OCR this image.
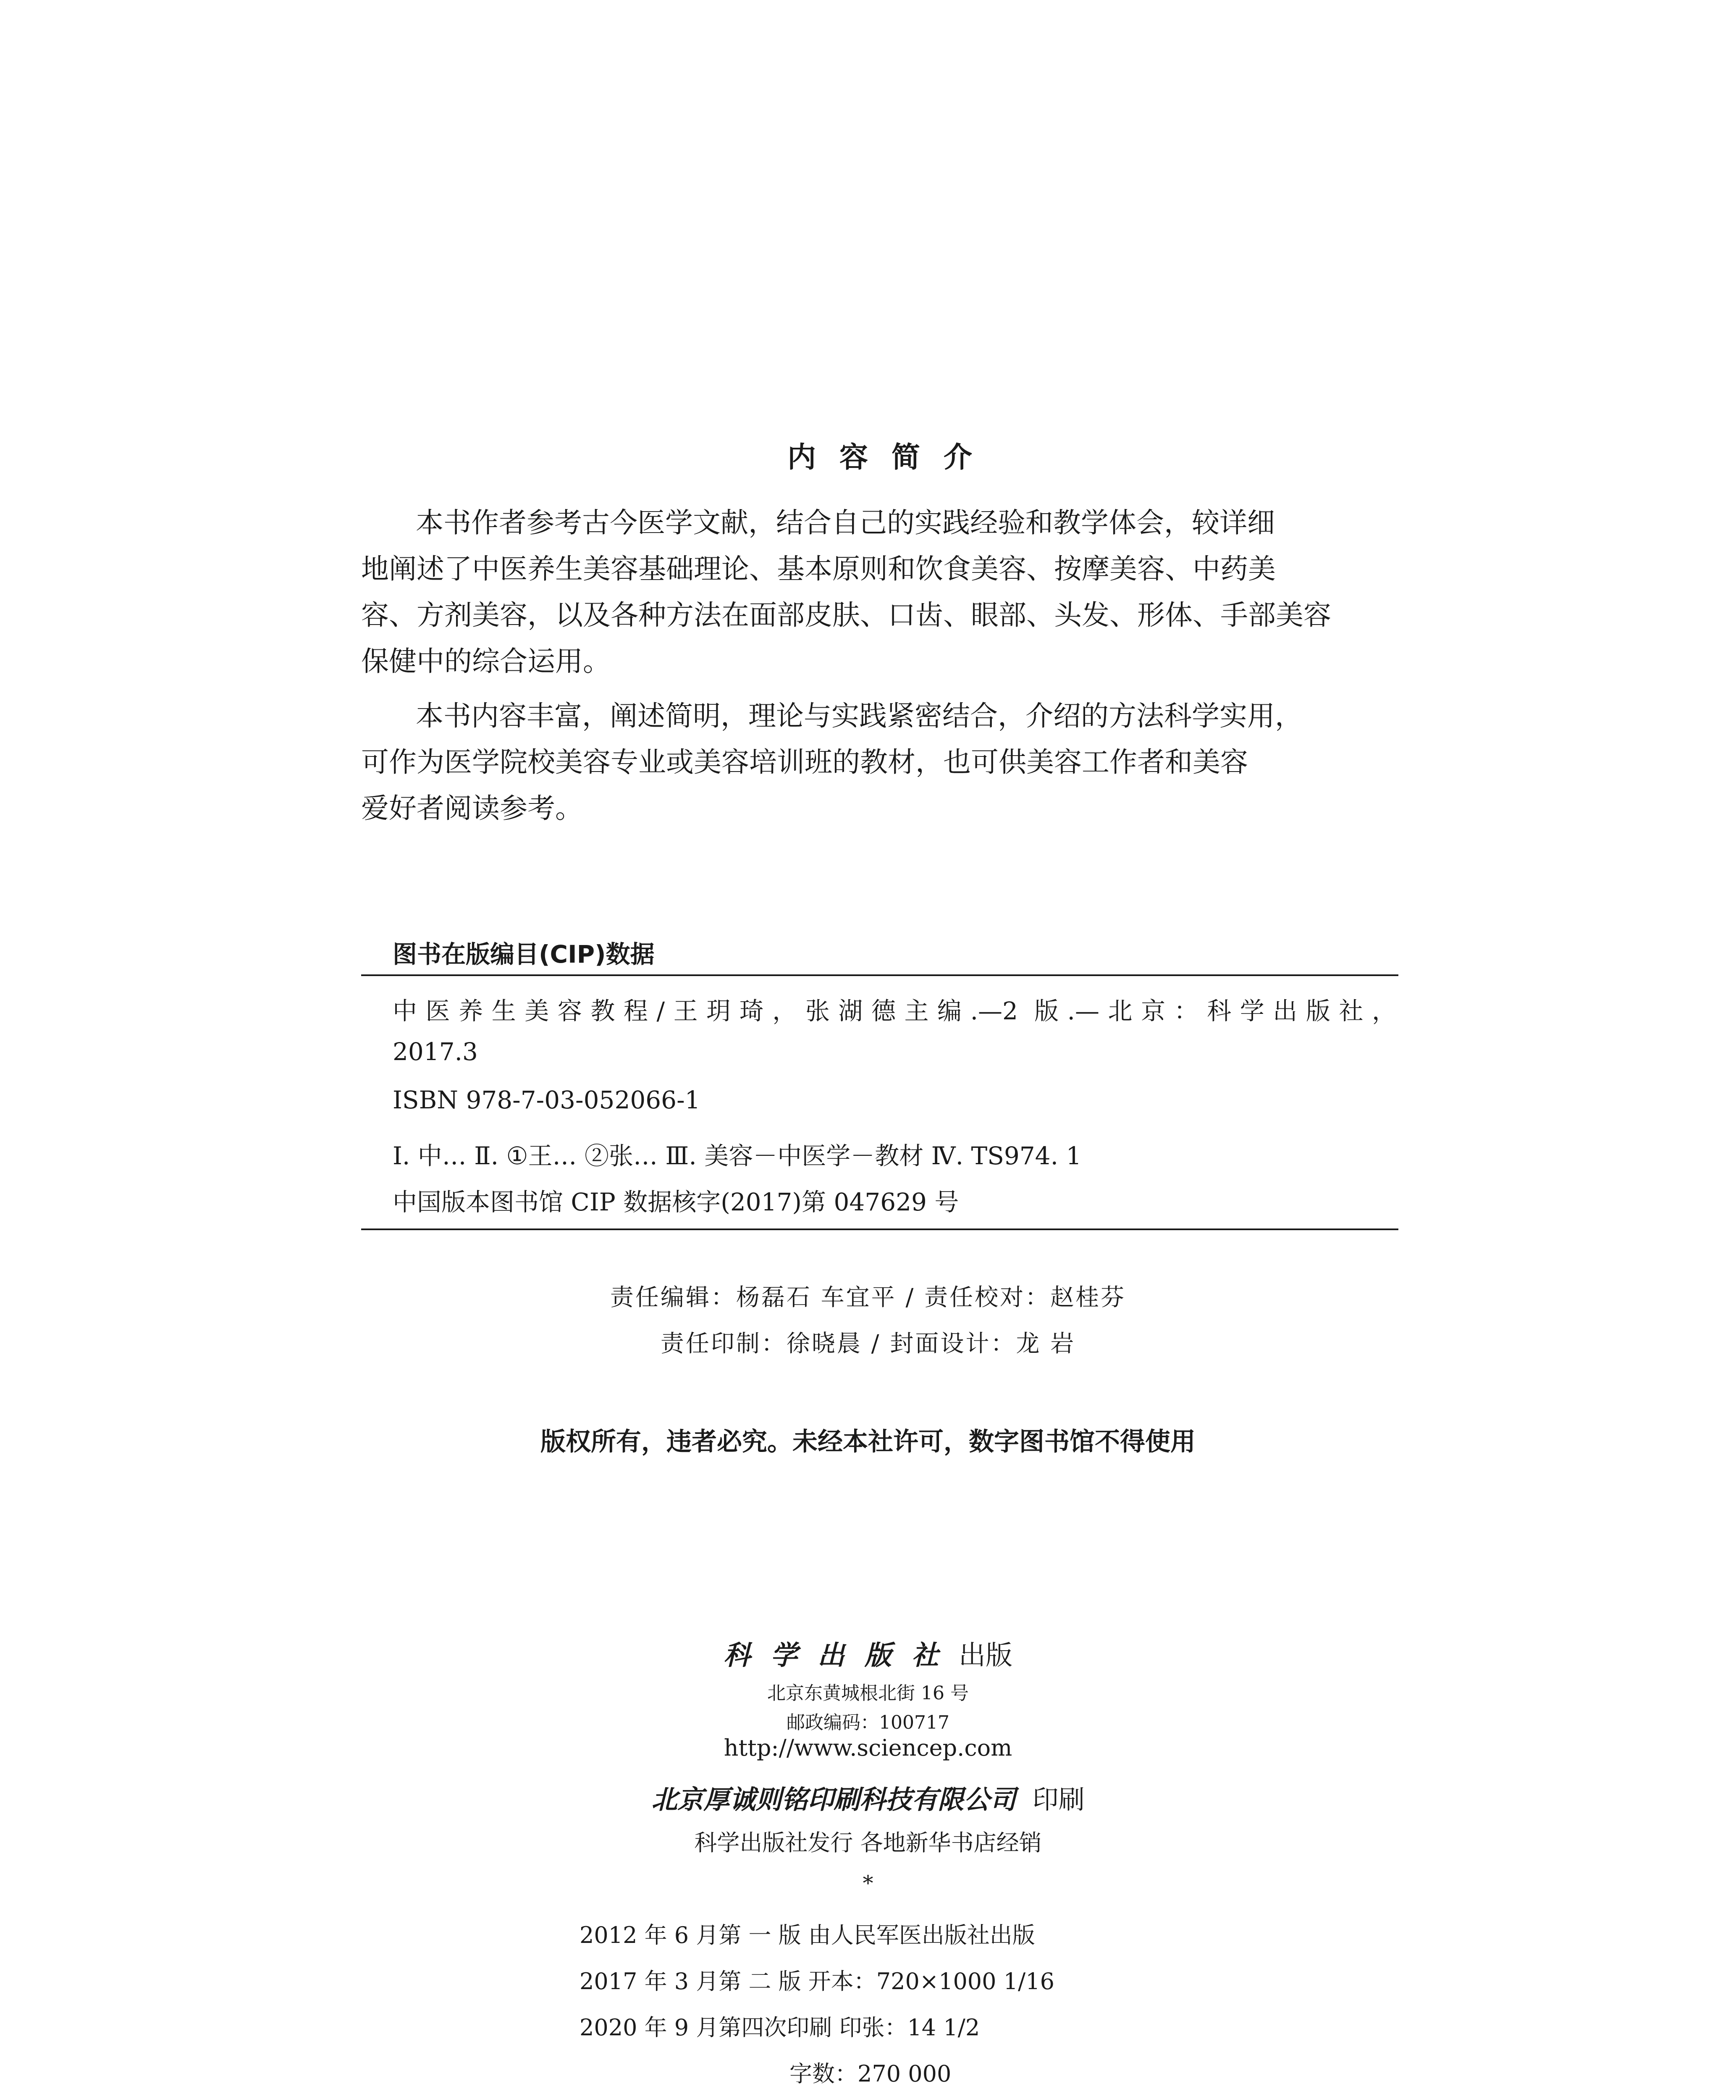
内容简介
本书作者参考古今医学文献，结合自己的实践经验和教学体会，较详细
地阐述了中医养生美容基础理论、基本原则和饮食美容、按摩美容、中药美
容、方剂美容，以及各种方法在面部皮肤、口齿、眼部、头发、形体、手部美容
保健中的综合运用。
本书内容丰富，阐述简明，理论与实践紧密结合，介绍的方法科学实用，
可作为医学院校美容专业或美容培训班的教材，也可供美容工作者和美容
爱好者阅读参考。
图书在版编目(CIP)数据
中医养生美容教程/王玥琦，张湖德主编.—2 版.—北京：科学出版社，
2017.3
ISBN 978-7-03-052066-1
Ⅰ. 中… Ⅱ. ①王… ②张… Ⅲ. 美容－中医学－教材 Ⅳ. TS974. 1
中国版本图书馆 CIP 数据核字(2017)第 047629 号
责任编辑：杨磊石 车宜平 / 责任校对：赵桂芬
责任印制：徐晓晨 / 封面设计：龙 岩
版权所有，违者必究。未经本社许可，数字图书馆不得使用
科学出版社出版
北京东黄城根北街 16 号
邮政编码：100717
http://www.sciencep.com
北京厚诚则铭印刷科技有限公司 印刷
科学出版社发行 各地新华书店经销
*
2012 年 6 月第 一 版 由人民军医出版社出版
2017 年 3 月第 二 版 开本：720×1000 1/16
2020 年 9 月第四次印刷 印张：14 1/2
字数：270 000
